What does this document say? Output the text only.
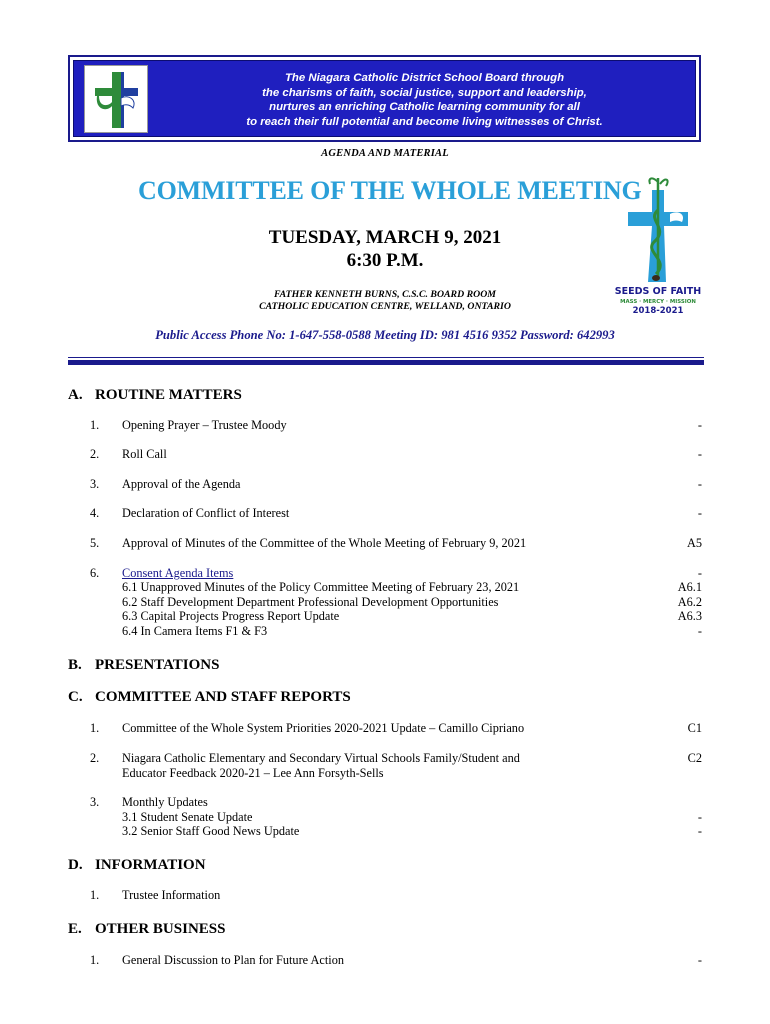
The Niagara Catholic District School Board through
the charisms of faith, social justice, support and leadership,
nurtures an enriching Catholic learning community for all
to reach their full potential and become living witnesses of Christ.
AGENDA AND MATERIAL
COMMITTEE OF THE WHOLE MEETING
TUESDAY, MARCH 9, 2021
6:30 P.M.
FATHER KENNETH BURNS, C.S.C. BOARD ROOM
CATHOLIC EDUCATION CENTRE, WELLAND, ONTARIO
SEEDS OF FAITH
MASS · MERCY · MISSION
2018-2021
Public Access Phone No: 1-647-558-0588 Meeting ID: 981 4516 9352 Password: 642993
A. ROUTINE MATTERS
1. Opening Prayer – Trustee Moody	-
2. Roll Call	-
3. Approval of the Agenda	-
4. Declaration of Conflict of Interest	-
5. Approval of Minutes of the Committee of the Whole Meeting of February 9, 2021	A5
6. Consent Agenda Items	-
6.1 Unapproved Minutes of the Policy Committee Meeting of February 23, 2021	A6.1
6.2 Staff Development Department Professional Development Opportunities	A6.2
6.3 Capital Projects Progress Report Update	A6.3
6.4 In Camera Items F1 & F3	-
B. PRESENTATIONS
C. COMMITTEE AND STAFF REPORTS
1. Committee of the Whole System Priorities 2020-2021 Update – Camillo Cipriano	C1
2. Niagara Catholic Elementary and Secondary Virtual Schools Family/Student and	C2
Educator Feedback 2020-21 – Lee Ann Forsyth-Sells
3. Monthly Updates
3.1 Student Senate Update	-
3.2 Senior Staff Good News Update	-
D. INFORMATION
1. Trustee Information
E. OTHER BUSINESS
1. General Discussion to Plan for Future Action	-
